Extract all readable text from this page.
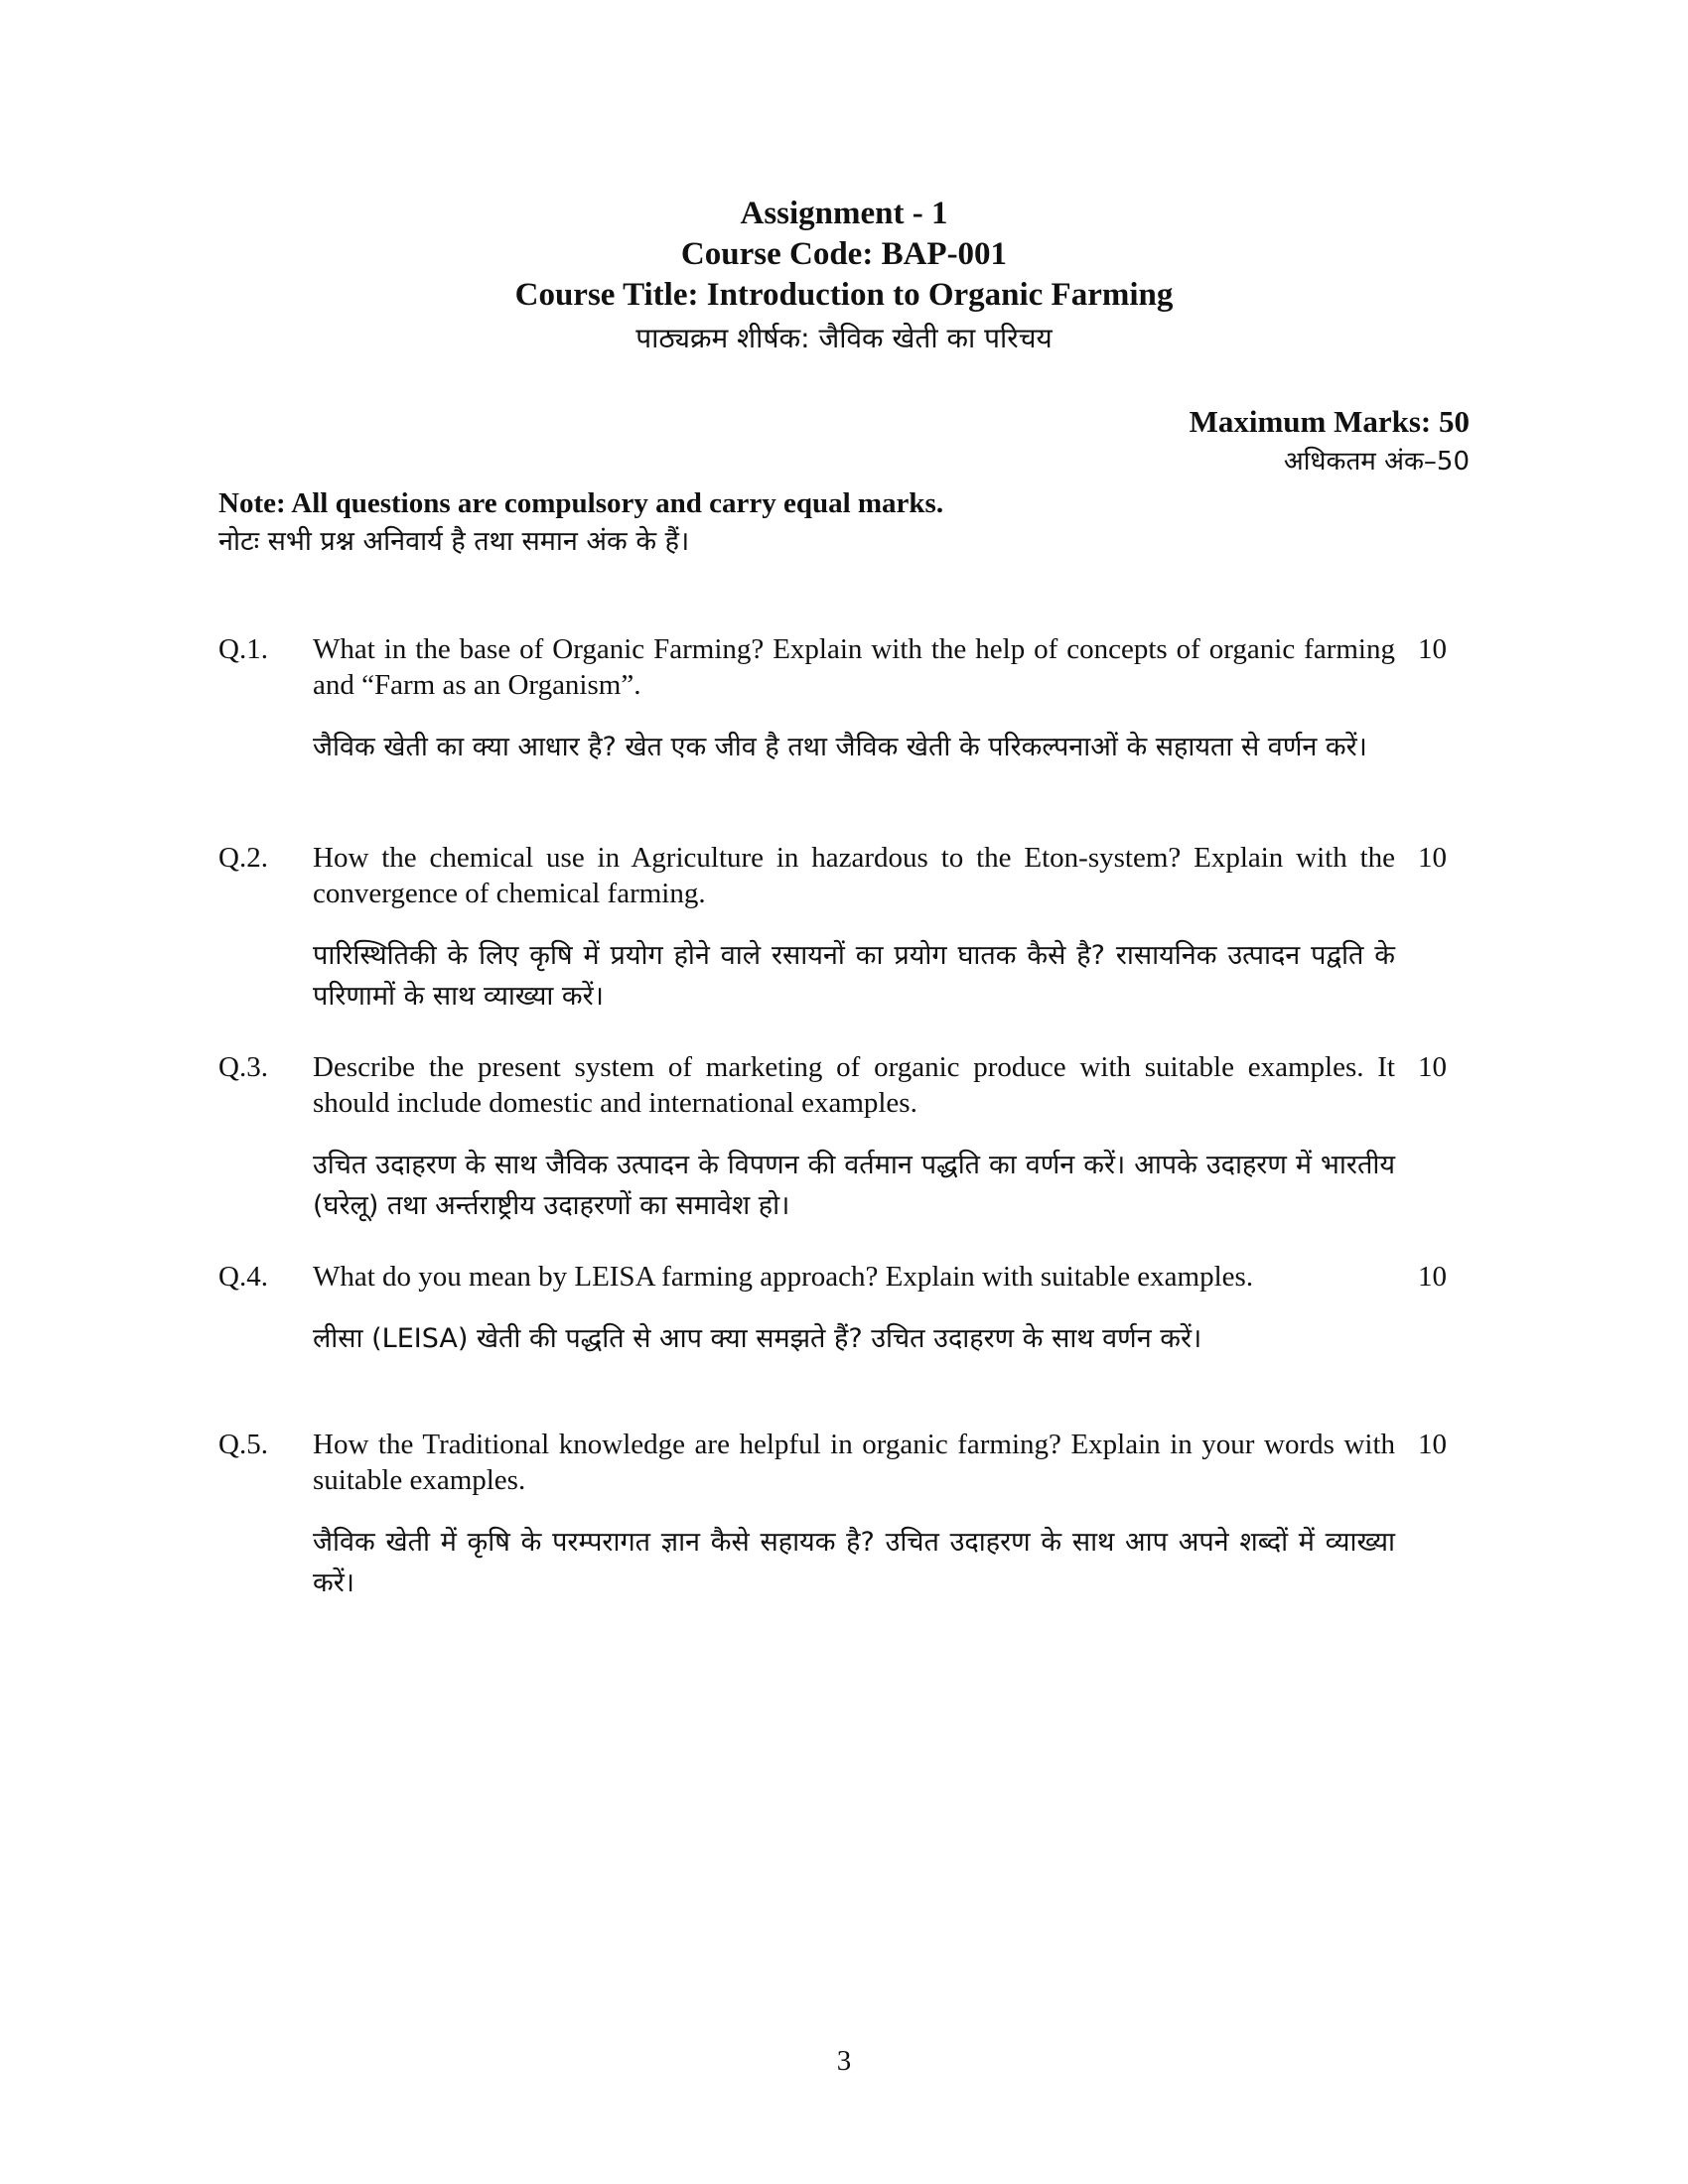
Assignment - 1
Course Code: BAP-001
Course Title: Introduction to Organic Farming
पाठ्यक्रम शीर्षक: जैविक खेती का परिचय
Maximum Marks: 50
अधिकतम अंक–50
Note: All questions are compulsory and carry equal marks.
नोटः सभी प्रश्न अनिवार्य है तथा समान अंक के हैं।
Q.1. What in the base of Organic Farming? Explain with the help of concepts of organic farming and “Farm as an Organism”.
जैविक खेती का क्या आधार है? खेत एक जीव है तथा जैविक खेती के परिकल्पनाओं के सहायता से वर्णन करें।
10
Q.2. How the chemical use in Agriculture in hazardous to the Eton-system? Explain with the convergence of chemical farming.
पारिस्थितिकी के लिए कृषि में प्रयोग होने वाले रसायनों का प्रयोग घातक कैसे है? रासायनिक उत्पादन पद्वति के परिणामों के साथ व्याख्या करें।
10
Q.3. Describe the present system of marketing of organic produce with suitable examples. It should include domestic and international examples.
उचित उदाहरण के साथ जैविक उत्पादन के विपणन की वर्तमान पद्धति का वर्णन करें। आपके उदाहरण में भारतीय (घरेलू) तथा अर्न्तराष्ट्रीय उदाहरणों का समावेश हो।
10
Q.4. What do you mean by LEISA farming approach? Explain with suitable examples.
लीसा (LEISA) खेती की पद्धति से आप क्या समझते हैं? उचित उदाहरण के साथ वर्णन करें।
10
Q.5. How the Traditional knowledge are helpful in organic farming? Explain in your words with suitable examples.
जैविक खेती में कृषि के परम्परागत ज्ञान कैसे सहायक है? उचित उदाहरण के साथ आप अपने शब्दों में व्याख्या करें।
10
3
